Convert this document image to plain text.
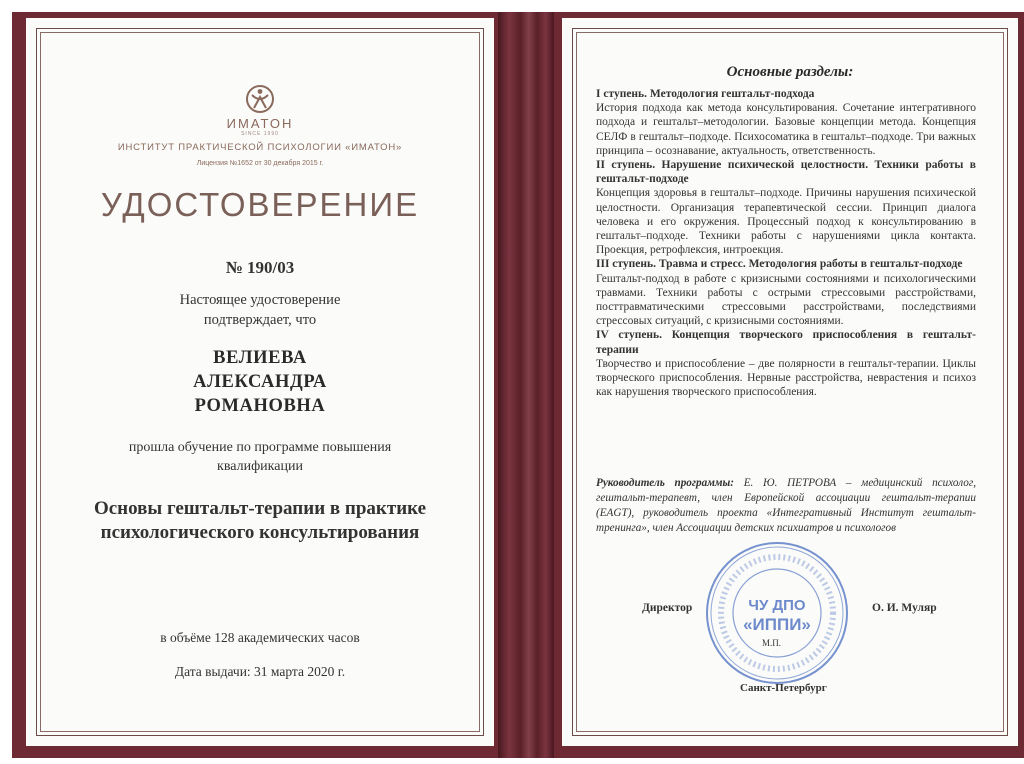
ИМАТОН
SINCE 1990
ИНСТИТУТ ПРАКТИЧЕСКОЙ ПСИХОЛОГИИ «ИМАТОН»
Лицензия №1652 от 30 декабря 2015 г.
УДОСТОВЕРЕНИЕ
№ 190/03
Настоящее удостоверение
подтверждает, что
ВЕЛИЕВА
АЛЕКСАНДРА
РОМАНОВНА
прошла обучение по программе повышения квалификации
Основы гештальт-терапии в практике психологического консультирования
в объёме 128 академических часов
Дата выдачи: 31 марта 2020 г.
Основные разделы:

I ступень. Методология гештальт-подхода

История подхода как метода консультирования. Сочетание интегративного подхода и гештальт–методологии. Базовые концепции метода. Концепция СЕЛФ в гештальт–подходе. Психосоматика в гештальт–подходе. Три важных принципа – осознавание, актуальность, ответственность.

II ступень. Нарушение психической целостности. Техники работы в гештальт-подходе

Концепция здоровья в гештальт–подходе. Причины нарушения психической целостности. Организация терапевтической сессии. Принцип диалога человека и его окружения. Процессный подход к консультированию в гештальт–подходе. Техники работы с нарушениями цикла контакта. Проекция, ретрофлексия, интроекция.

III ступень. Травма и стресс. Методология работы в гештальт-подходе

Гештальт-подход в работе с кризисными состояниями и психологическими травмами. Техники работы с острыми стрессовыми расстройствами, посттравматическими стрессовыми расстройствами, последствиями стрессовых ситуаций, с кризисными состояниями.

IV ступень. Концепция творческого приспособления в гештальт-терапии

Творчество и приспособление – две полярности в гештальт-терапии. Циклы творческого приспособления. Нервные расстройства, неврастения и психоз как нарушения творческого приспособления.

Руководитель программы: Е. Ю. ПЕТРОВА – медицинский психолог, гештальт-терапевт, член Европейской ассоциации гештальт-терапии (EAGT), руководитель проекта «Интегративный Институт гештальт-тренинга», член Ассоциации детских психиатров и психологов
ЧУ ДПО
«ИППИ»
Директор	О. И. Муляр
М.П.
Санкт-Петербург
